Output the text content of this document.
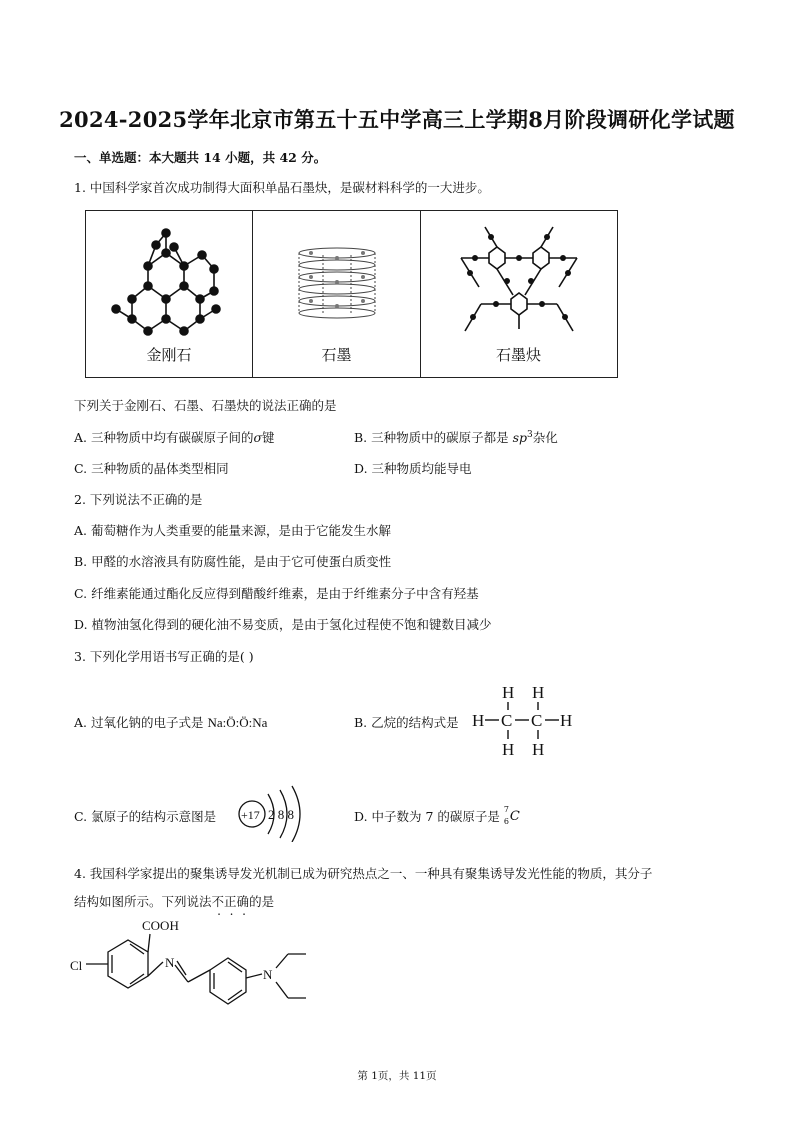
2024-2025学年北京市第五十五中学高三上学期8月阶段调研化学试题
一、单选题：本大题共 14 小题，共 42 分。
1. 中国科学家首次成功制得大面积单晶石墨炔，是碳材料科学的一大进步。
金刚石	石墨	石墨炔
下列关于金刚石、石墨、石墨炔的说法正确的是
A. 三种物质中均有碳碳原子间的σ键	B. 三种物质中的碳原子都是 $sp^3$杂化
C. 三种物质的晶体类型相同	D. 三种物质均能导电
2. 下列说法不正确的是
A. 葡萄糖作为人类重要的能量来源，是由于它能发生水解
B. 甲醛的水溶液具有防腐性能，是由于它可使蛋白质变性
C. 纤维素能通过酯化反应得到醋酸纤维素，是由于纤维素分子中含有羟基
D. 植物油氢化得到的硬化油不易变质，是由于氢化过程使不饱和键数目减少
3. 下列化学用语书写正确的是( )
A. 过氧化钠的电子式是 Na:Ö:Ö:Na	B. 乙烷的结构式是
H H
H C C H
H H
C. 氯原子的结构示意图是 +17 2 8 8	D. 中子数为 7 的碳原子是 7
6 C
4. 我国科学家提出的聚集诱导发光机制已成为研究热点之一、一种具有聚集诱导发光性能的物质，其分子
结构如图所示。下列说法不正确的是
COOH
Cl	N
N
第 1页，共 11页
